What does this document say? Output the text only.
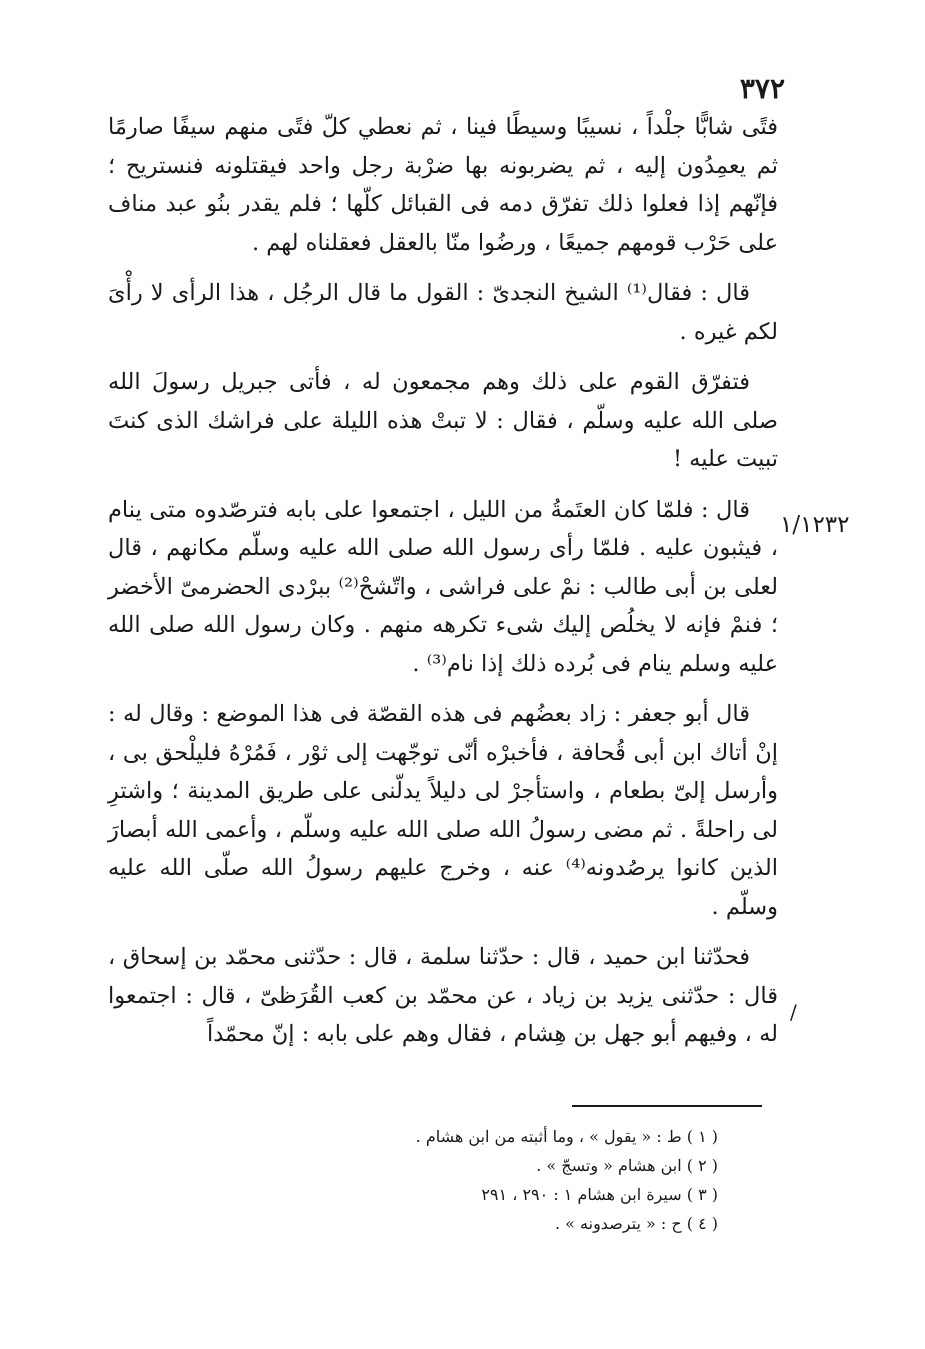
٣٧٢

فتًى شابًّا جلْداً ، نسيبًا وسيطًا فينا ، ثم نعطي كلّ فتًى منهم سيفًا صارمًا ثم يعمِدُون إليه ، ثم يضربونه بها ضرْبة رجل واحد فيقتلونه فنستريح ؛ فإنّهم إذا فعلوا ذلك تفرّق دمه فى القبائل كلّها ؛ فلم يقدر بنُو عبد مناف على حَرْب قومهم جميعًا ، ورضُوا منّا بالعقل فعقلناه لهم .

قال : فقال⁽¹⁾ الشيخ النجدىّ : القول ما قال الرجُل ، هذا الرأى لا رأْىَ لكم غيره .

فتفرّق القوم على ذلك وهم مجمعون له ، فأتى جبريل رسولَ الله صلى الله عليه وسلّم ، فقال : لا تبتْ هذه الليلة على فراشك الذى كنتَ تبيت عليه !

قال : فلمّا كان العتَمةُ من الليل ، اجتمعوا على بابه فترصّدوه متى ينام ، فيثبون عليه . فلمّا رأى رسول الله صلى الله عليه وسلّم مكانهم ، قال لعلى بن أبى طالب : نمْ على فراشى ، واتّشحْ⁽²⁾ ببرْدى الحضرمىّ الأخضر ؛ فنمْ فإنه لا يخلُص إليك شىء تكرهه منهم . وكان رسول الله صلى الله عليه وسلم ينام فى بُرده ذلك إذا نام⁽³⁾ .

قال أبو جعفر : زاد بعضُهم فى هذه القصّة فى هذا الموضع : وقال له : إنْ أتاك ابن أبى قُحافة ، فأخبرْه أنّى توجّهت إلى ثوْر ، فَمُرْهُ فليلْحق بى ، وأرسل إلىّ بطعام ، واستأجرْ لى دليلاً يدلّنى على طريق المدينة ؛ واشترِ لى راحلةً . ثم مضى رسولُ الله صلى الله عليه وسلّم ، وأعمى الله أبصارَ الذين كانوا يرصُدونه⁽⁴⁾ عنه ، وخرج عليهم رسولُ الله صلّى الله عليه وسلّم .

فحدّثنا ابن حميد ، قال : حدّثنا سلمة ، قال : حدّثنى محمّد بن إسحاق ، قال : حدّثنى يزيد بن زياد ، عن محمّد بن كعب القُرَظىّ ، قال : اجتمعوا له ، وفيهم أبو جهل بن هِشام ، فقال وهم على بابه : إنّ محمّداً

١/١٢٣٢
/
( ١ ) ط : « يقول » ، وما أثبته من ابن هشام .
( ٢ ) ابن هشام « وتسجّ » .
( ٣ ) سيرة ابن هشام ١ : ٢٩٠ ، ٢٩١
( ٤ ) ح : « يترصدونه » .
